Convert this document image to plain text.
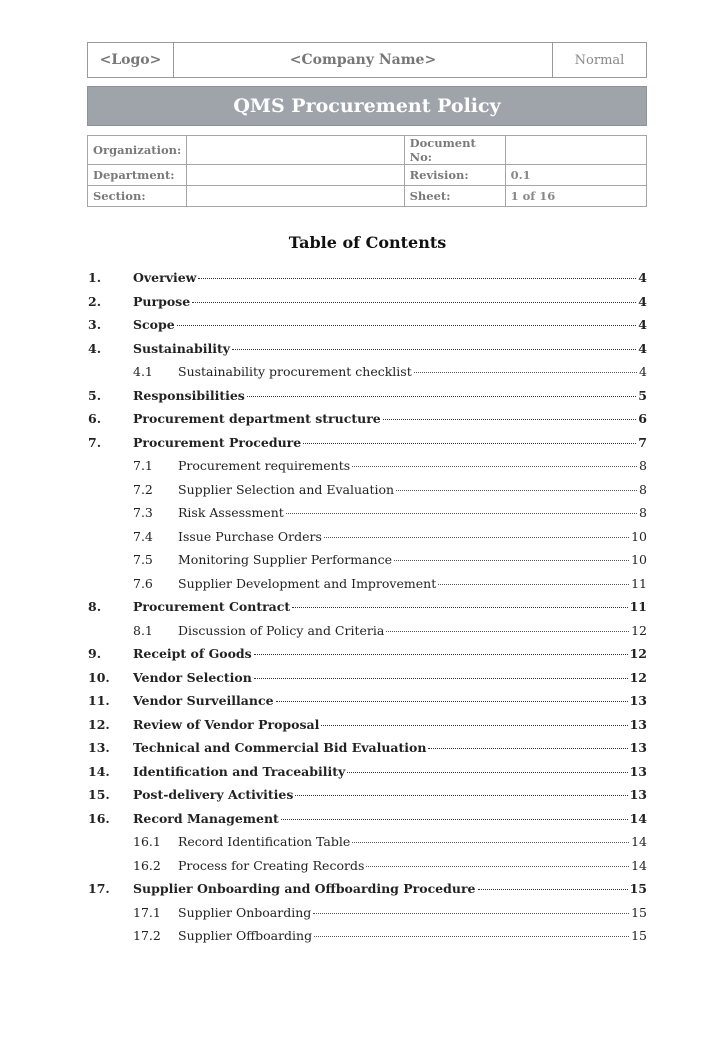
<Logo>	<Company Name>	Normal
QMS Procurement Policy
Organization:		Document No:	
Department:		Revision:	0.1
Section:		Sheet:	1 of 16
Table of Contents
1.	Overview	4
2.	Purpose	4
3.	Scope	4
4.	Sustainability	4
4.1	Sustainability procurement checklist	4
5.	Responsibilities	5
6.	Procurement department structure	6
7.	Procurement Procedure	7
7.1	Procurement requirements	8
7.2	Supplier Selection and Evaluation	8
7.3	Risk Assessment	8
7.4	Issue Purchase Orders	10
7.5	Monitoring Supplier Performance	10
7.6	Supplier Development and Improvement	11
8.	Procurement Contract	11
8.1	Discussion of Policy and Criteria	12
9.	Receipt of Goods	12
10.	Vendor Selection	12
11.	Vendor Surveillance	13
12.	Review of Vendor Proposal	13
13.	Technical and Commercial Bid Evaluation	13
14.	Identification and Traceability	13
15.	Post-delivery Activities	13
16.	Record Management	14
16.1	Record Identification Table	14
16.2	Process for Creating Records	14
17.	Supplier Onboarding and Offboarding Procedure	15
17.1	Supplier Onboarding	15
17.2	Supplier Offboarding	15
